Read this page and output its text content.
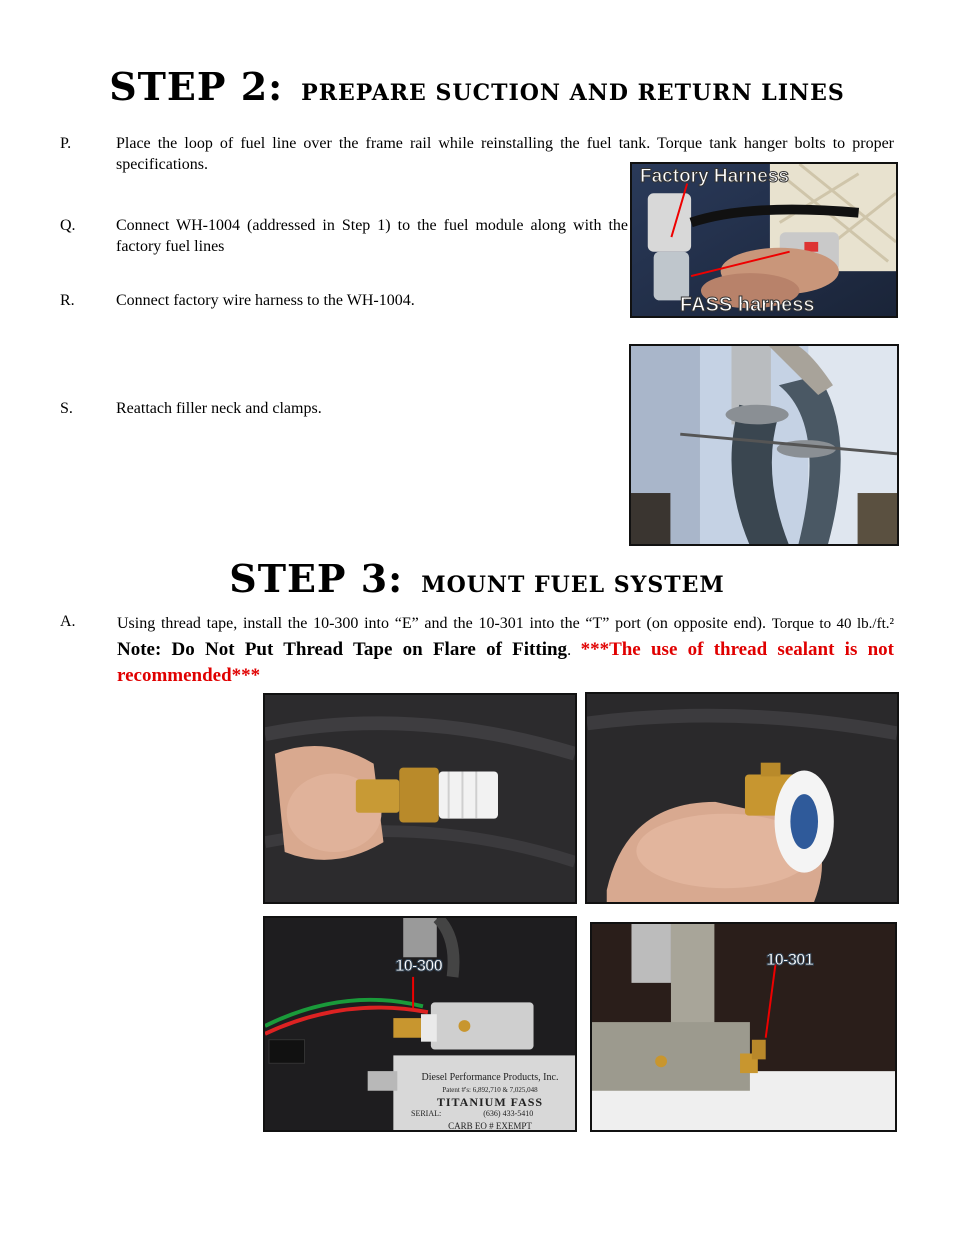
STEP 2: PREPARE SUCTION AND RETURN LINES
P.	Place the loop of fuel line over the frame rail while reinstalling the fuel tank. Torque tank hanger bolts to proper specifications.
Q.	Connect WH-1004 (addressed in Step 1) to the fuel module along with the factory fuel lines
R.	Connect factory wire harness to the WH-1004.
S.	Reattach filler neck and clamps.
Factory Harness
FASS harness
STEP 3: MOUNT FUEL SYSTEM
A.	Using thread tape, install the 10-300 into “E” and the 10-301 into the “T” port (on opposite end). Torque to 40 lb./ft.² Note: Do Not Put Thread Tape on Flare of Fitting. ***The use of thread sealant is not recommended***
10-300
Diesel Performance Products, Inc.
Patent #'s: 6,892,710 & 7,025,048
TITANIUM FASS
SERIAL:	(636) 433-5410
CARB EO # EXEMPT
10-301
